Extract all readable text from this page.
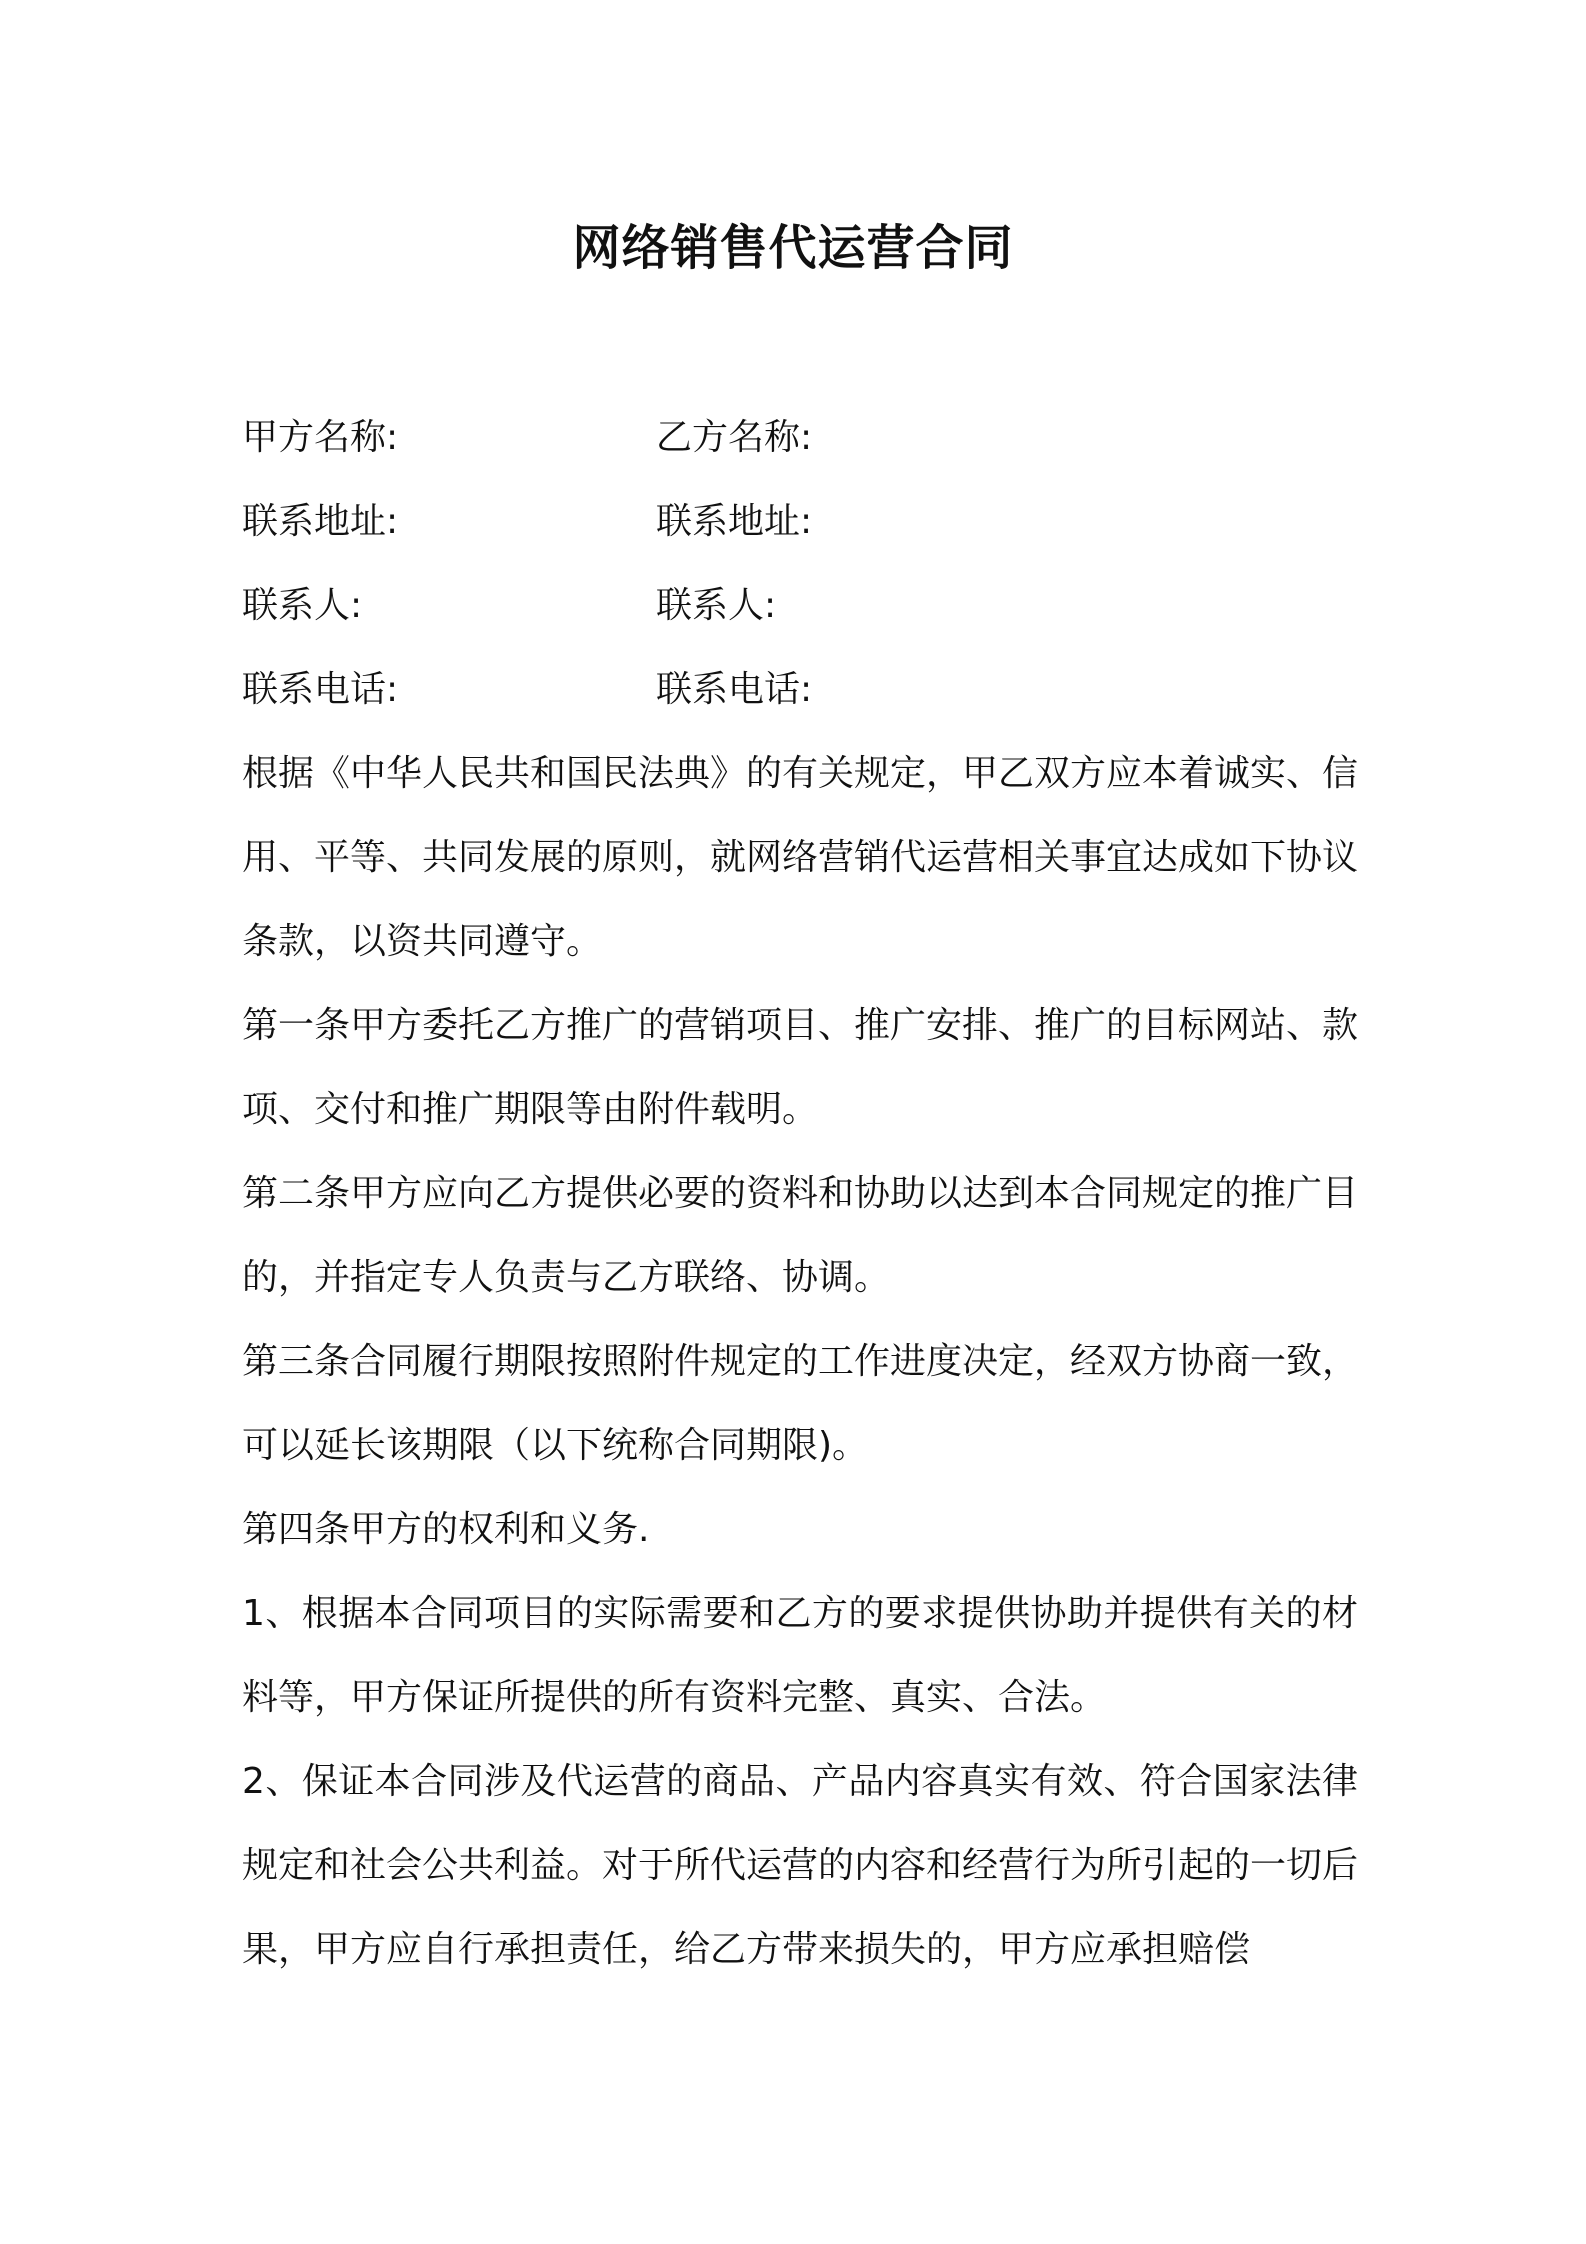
网络销售代运营合同
甲方名称:	乙方名称:
联系地址:	联系地址:
联系人:	联系人:
联系电话:	联系电话:

根据《中华人民共和国民法典》的有关规定，甲乙双方应本着诚实、信用、平等、共同发展的原则，就网络营销代运营相关事宜达成如下协议条款，以资共同遵守。

第一条甲方委托乙方推广的营销项目、推广安排、推广的目标网站、款项、交付和推广期限等由附件载明。

第二条甲方应向乙方提供必要的资料和协助以达到本合同规定的推广目的，并指定专人负责与乙方联络、协调。

第三条合同履行期限按照附件规定的工作进度决定，经双方协商一致，可以延长该期限（以下统称合同期限)。

第四条甲方的权利和义务.

1、根据本合同项目的实际需要和乙方的要求提供协助并提供有关的材料等，甲方保证所提供的所有资料完整、真实、合法。

2、保证本合同涉及代运营的商品、产品内容真实有效、符合国家法律规定和社会公共利益。对于所代运营的内容和经营行为所引起的一切后果，甲方应自行承担责任，给乙方带来损失的，甲方应承担赔偿
